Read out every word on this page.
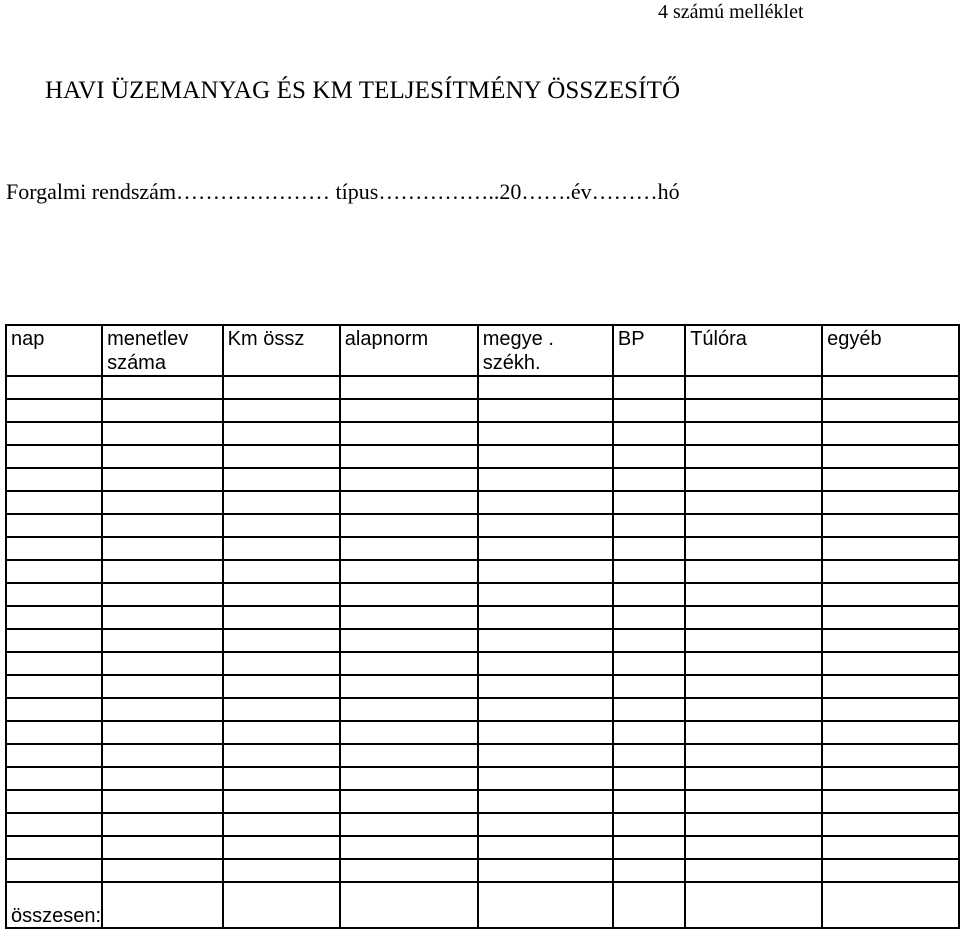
4 számú melléklet
HAVI ÜZEMANYAG ÉS KM TELJESÍTMÉNY ÖSSZESÍTŐ
Forgalmi rendszám………………… típus……………..20…….év………hó
nap	menetlev száma	Km össz	alapnorm	megye . székh.	BP	Túlóra	egyéb

összesen:							
